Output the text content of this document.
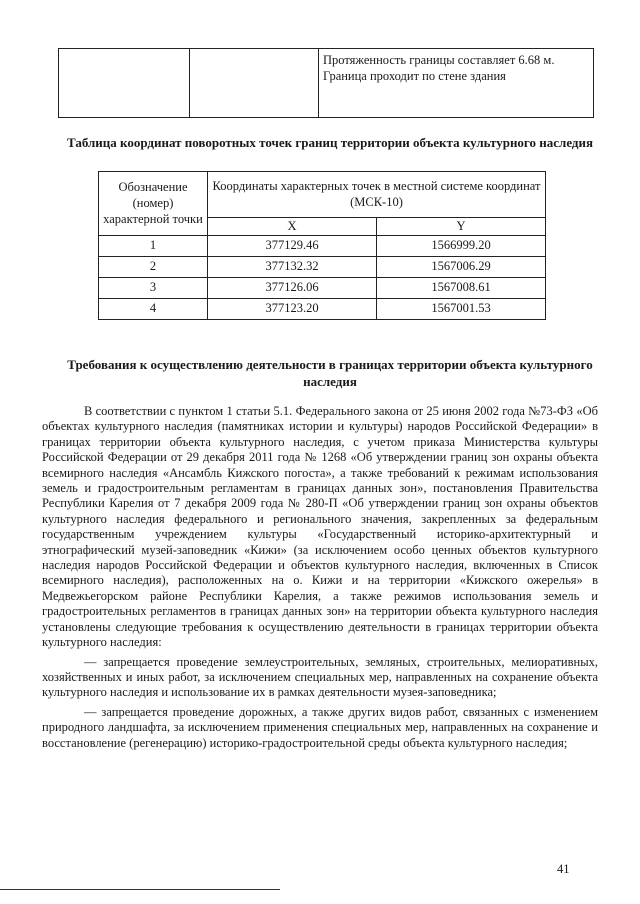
		Протяженность границы составляет 6.68 м. Граница проходит по стене здания
Таблица координат поворотных точек границ территории объекта культурного наследия
Обозначение (номер) характерной точки	Координаты характерных точек в местной системе координат (МСК-10)	
	X	Y
1	377129.46	1566999.20
2	377132.32	1567006.29
3	377126.06	1567008.61
4	377123.20	1567001.53
Требования к осуществлению деятельности в границах территории объекта культурного наследия

В соответствии с пунктом 1 статьи 5.1. Федерального закона от 25 июня 2002 года №73-ФЗ «Об объектах культурного наследия (памятниках истории и культуры) народов Российской Федерации» в границах территории объекта культурного наследия, с учетом приказа Министерства культуры Российской Федерации от 29 декабря 2011 года № 1268 «Об утверждении границ зон охраны объекта всемирного наследия «Ансамбль Кижского погоста», а также требований к режимам использования земель и градостроительным регламентам в границах данных зон», постановления Правительства Республики Карелия от 7 декабря 2009 года № 280-П «Об утверждении границ зон охраны объектов культурного наследия федерального и регионального значения, закрепленных за федеральным государственным учреждением культуры «Государственный историко-архитектурный и этнографический музей-заповедник «Кижи» (за исключением особо ценных объектов культурного наследия народов Российской Федерации и объектов культурного наследия, включенных в Список всемирного наследия), расположенных на о. Кижи и на территории «Кижского ожерелья» в Медвежьегорском районе Республики Карелия, а также режимов использования земель и градостроительных регламентов в границах данных зон» на территории объекта культурного наследия установлены следующие требования к осуществлению деятельности в границах территории объекта культурного наследия:

— запрещается проведение землеустроительных, земляных, строительных, мелиоративных, хозяйственных и иных работ, за исключением специальных мер, направленных на сохранение объекта культурного наследия и использование их в рамках деятельности музея-заповедника;

— запрещается проведение дорожных, а также других видов работ, связанных с изменением природного ландшафта, за исключением применения специальных мер, направленных на сохранение и восстановление (регенерацию) историко-градостроительной среды объекта культурного наследия;

41
